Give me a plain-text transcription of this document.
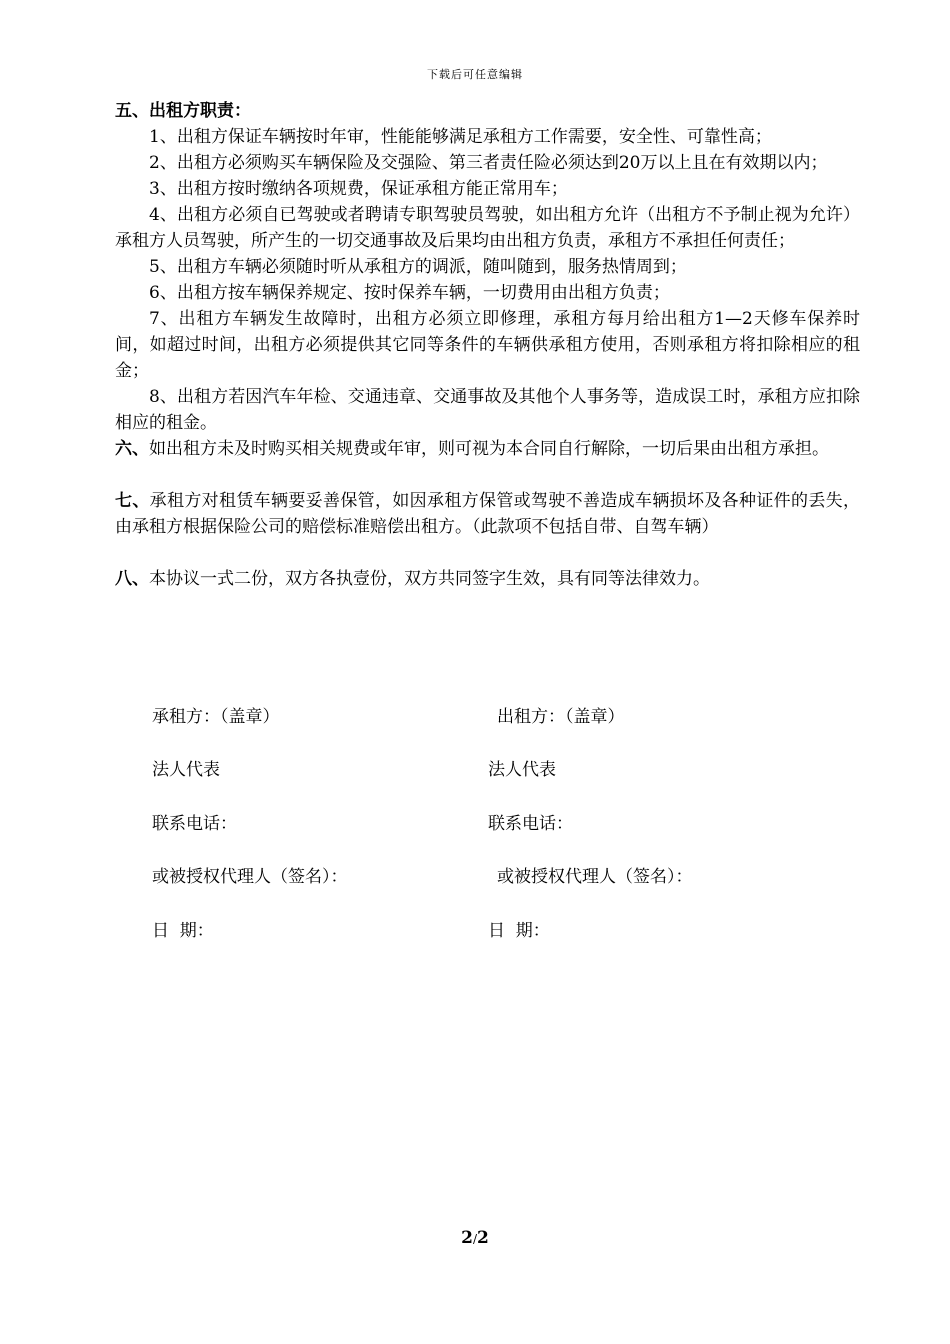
下载后可任意编辑
五、出租方职责：
1、出租方保证车辆按时年审，性能能够满足承租方工作需要，安全性、可靠性高；
2、出租方必须购买车辆保险及交强险、第三者责任险必须达到20万以上且在有效期以内；
3、出租方按时缴纳各项规费，保证承租方能正常用车；
4、出租方必须自已驾驶或者聘请专职驾驶员驾驶，如出租方允许（出租方不予制止视为允许）承租方人员驾驶，所产生的一切交通事故及后果均由出租方负责，承租方不承担任何责任；
5、出租方车辆必须随时听从承租方的调派，随叫随到，服务热情周到；
6、出租方按车辆保养规定、按时保养车辆，一切费用由出租方负责；
7、出租方车辆发生故障时，出租方必须立即修理，承租方每月给出租方1—2天修车保养时间，如超过时间，出租方必须提供其它同等条件的车辆供承租方使用，否则承租方将扣除相应的租金；
8、出租方若因汽车年检、交通违章、交通事故及其他个人事务等，造成误工时，承租方应扣除相应的租金。
六、如出租方未及时购买相关规费或年审，则可视为本合同自行解除，一切后果由出租方承担。
七、承租方对租赁车辆要妥善保管，如因承租方保管或驾驶不善造成车辆损坏及各种证件的丢失，由承租方根据保险公司的赔偿标准赔偿出租方。（此款项不包括自带、自驾车辆）
八、本协议一式二份，双方各执壹份，双方共同签字生效，具有同等法律效力。
承租方：（盖章）	出租方：（盖章）
法人代表	法人代表
联系电话：	联系电话：
或被授权代理人（签名）：	或被授权代理人（签名）：
日  期：	日  期：
2/2
